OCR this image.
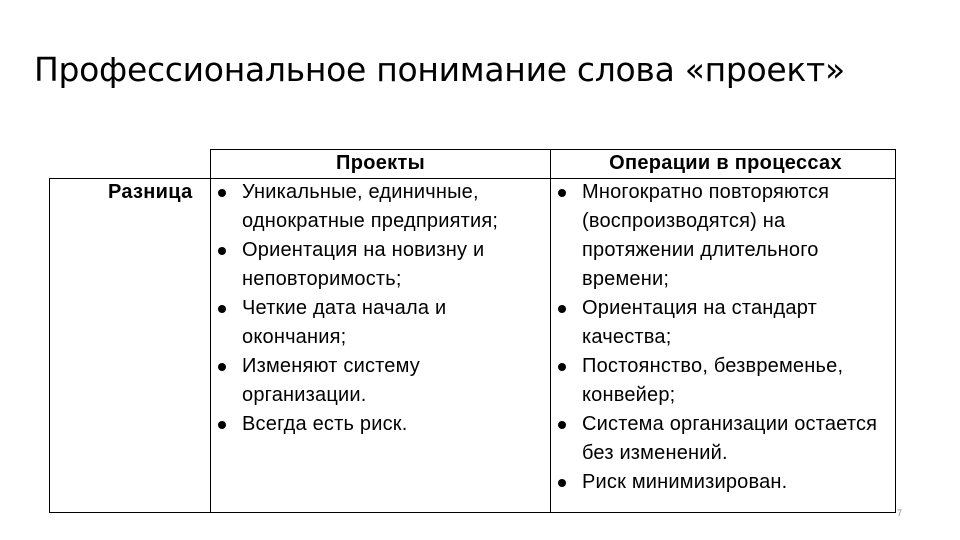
Профессиональное понимание слова «проект»
Проекты	Операции в процессах
Разница	Уникальные, единичные, однократные предприятия;
Ориентация на новизну и неповторимость;
Четкие дата начала и окончания;
Изменяют систему организации.
Всегда есть риск.
Многократно повторяются (воспроизводятся) на протяжении длительного времени;
Ориентация на стандарт качества;
Постоянство, безвременье, конвейер;
Система организации остается без изменений.
Риск минимизирован.
7
